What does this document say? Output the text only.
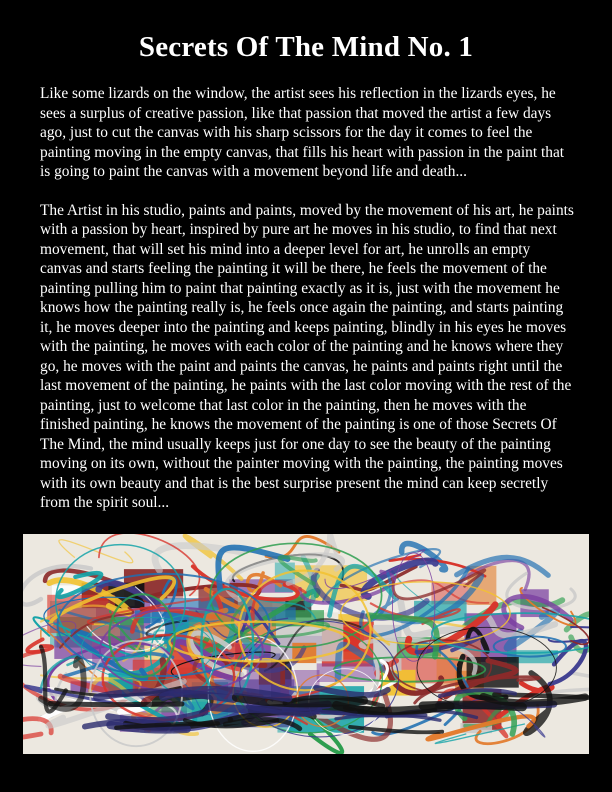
Secrets Of The Mind No. 1

Like some lizards on the window, the artist sees his reflection in the lizards eyes, he sees a surplus of creative passion, like that passion that moved the artist a few days ago, just to cut the canvas with his sharp scissors for the day it comes to feel the painting moving in the empty canvas, that fills his heart with passion in the paint that is going to paint the canvas with a movement beyond life and death...

The Artist in his studio, paints and paints, moved by the movement of his art, he paints with a passion by heart, inspired by pure art he moves in his studio, to find that next movement, that will set his mind into a deeper level for art, he unrolls an empty canvas and starts feeling the painting it will be there, he feels the movement of the painting pulling him to paint that painting exactly as it is, just with the movement he knows how the painting really is, he feels once again the painting, and starts painting it, he moves deeper into the painting and keeps painting, blindly in his eyes he moves with the painting, he moves with each color of the painting and he knows where they go, he moves with the paint and paints the canvas, he paints and paints right until the last movement of the painting, he paints with the last color moving with the rest of the painting, just to welcome that last color in the painting, then he moves with the finished painting, he knows the movement of the painting is one of those Secrets Of The Mind, the mind usually keeps just for one day to see the beauty of the painting moving on its own, without the painter moving with the painting, the painting moves with its own beauty and that is the best surprise present the mind can keep secretly from the spirit soul...
